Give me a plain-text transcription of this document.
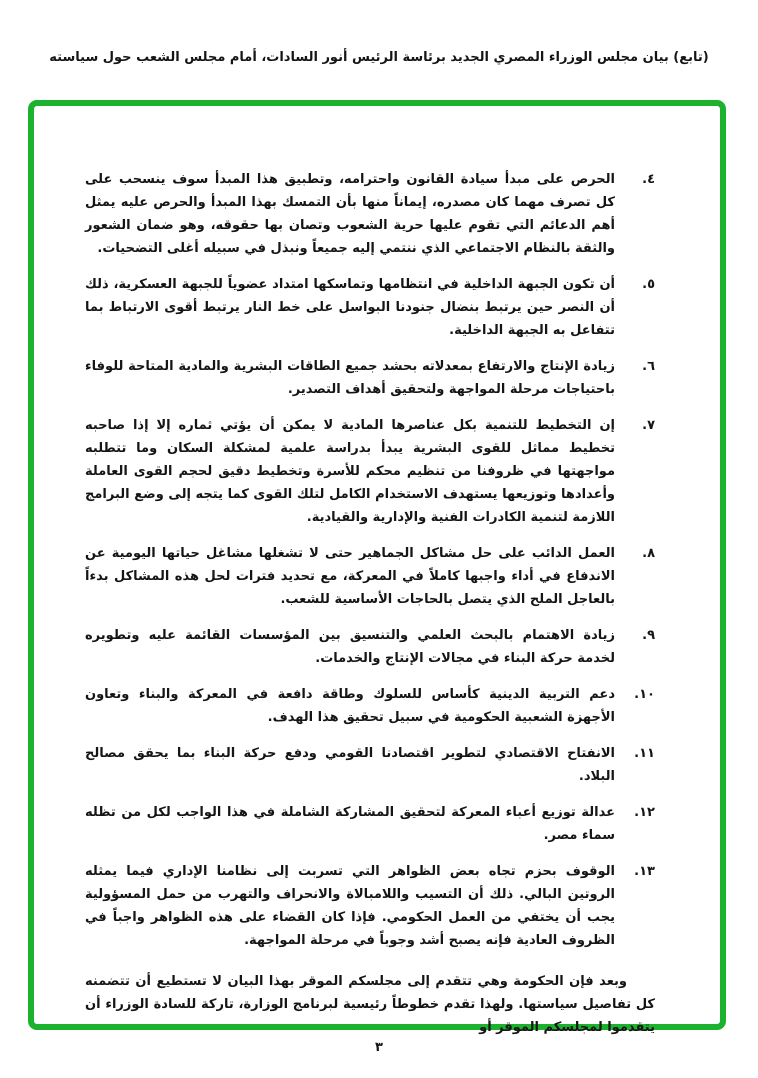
(تابع) بيان مجلس الوزراء المصري الجديد برئاسة الرئيس أنور السادات، أمام مجلس الشعب حول سياسته
٤.
الحرص على مبدأ سيادة القانون واحترامه، وتطبيق هذا المبدأ سوف ينسحب على كل تصرف مهما كان مصدره، إيماناً منها بأن التمسك بهذا المبدأ والحرص عليه يمثل أهم الدعائم التي تقوم عليها حرية الشعوب وتصان بها حقوقه، وهو ضمان الشعور والثقة بالنظام الاجتماعي الذي ننتمي إليه جميعاً ونبذل في سبيله أغلى التضحيات.
٥.
أن تكون الجبهة الداخلية في انتظامها وتماسكها امتداد عضوياً للجبهة العسكرية، ذلك أن النصر حين يرتبط بنضال جنودنا البواسل على خط النار يرتبط أقوى الارتباط بما تتفاعل به الجبهة الداخلية.
٦.
زيادة الإنتاج والارتفاع بمعدلاته بحشد جميع الطاقات البشرية والمادية المتاحة للوفاء باحتياجات مرحلة المواجهة ولتحقيق أهداف التصدير.
٧.
إن التخطيط للتنمية بكل عناصرها المادية لا يمكن أن يؤتي ثماره إلا إذا صاحبه تخطيط مماثل للقوى البشرية يبدأ بدراسة علمية لمشكلة السكان وما تتطلبه مواجهتها في ظروفنا من تنظيم محكم للأسرة وتخطيط دقيق لحجم القوى العاملة وأعدادها وتوزيعها يستهدف الاستخدام الكامل لتلك القوى كما يتجه إلى وضع البرامج اللازمة لتنمية الكادرات الفنية والإدارية والقيادية.
٨.
العمل الدائب على حل مشاكل الجماهير حتى لا تشغلها مشاغل حياتها اليومية عن الاندفاع في أداء واجبها كاملاً في المعركة، مع تحديد فترات لحل هذه المشاكل بدءاً بالعاجل الملح الذي يتصل بالحاجات الأساسية للشعب.
٩.
زيادة الاهتمام بالبحث العلمي والتنسيق بين المؤسسات القائمة عليه وتطويره لخدمة حركة البناء في مجالات الإنتاج والخدمات.
١٠.
دعم التربية الدينية كأساس للسلوك وطاقة دافعة في المعركة والبناء وتعاون الأجهزة الشعبية الحكومية في سبيل تحقيق هذا الهدف.
١١.
الانفتاح الاقتصادي لتطوير اقتصادنا القومي ودفع حركة البناء بما يحقق مصالح البلاد.
١٢.
عدالة توزيع أعباء المعركة لتحقيق المشاركة الشاملة في هذا الواجب لكل من تظله سماء مصر.
١٣.
الوقوف بحزم تجاه بعض الظواهر التي تسربت إلى نظامنا الإداري فيما يمثله الروتين البالي. ذلك أن التسيب واللامبالاة والانحراف والتهرب من حمل المسؤولية يجب أن يختفي من العمل الحكومي. فإذا كان القضاء على هذه الظواهر واجباً في الظروف العادية فإنه يصبح أشد وجوباً في مرحلة المواجهة.
وبعد فإن الحكومة وهي تتقدم إلى مجلسكم الموقر بهذا البيان لا تستطيع أن تتضمنه كل تفاصيل سياستها. ولهذا تقدم خطوطاً رئيسية لبرنامج الوزارة، تاركة للسادة الوزراء أن يتقدموا لمجلسكم الموقر أو
٣
